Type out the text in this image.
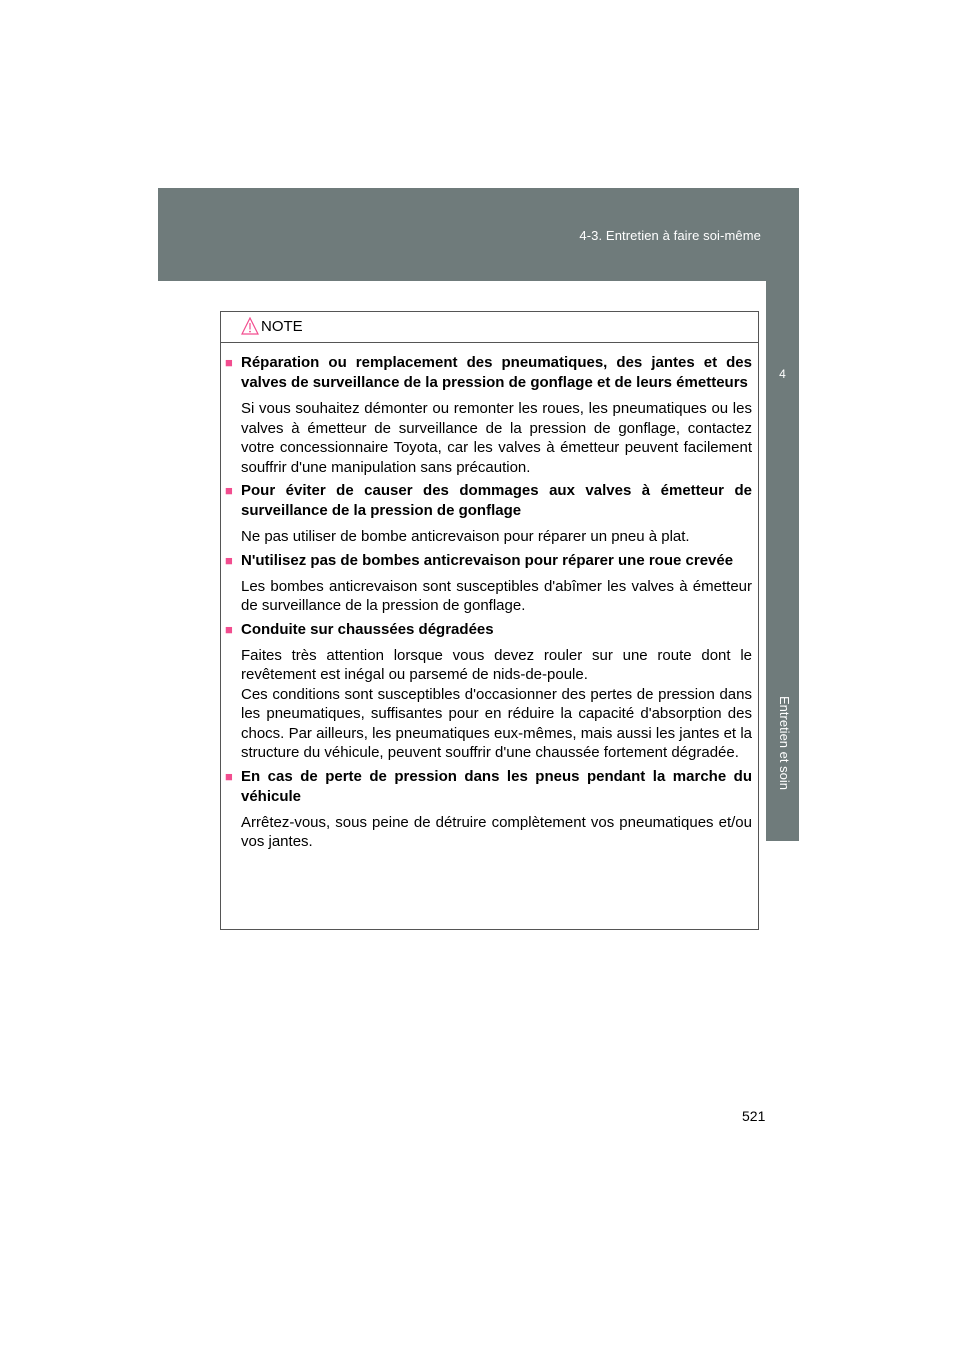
4-3. Entretien à faire soi-même
4
Entretien et soin
NOTE
■ Réparation ou remplacement des pneumatiques, des jantes et des valves de surveillance de la pression de gonflage et de leurs émetteurs
Si vous souhaitez démonter ou remonter les roues, les pneumatiques ou les valves à émetteur de surveillance de la pression de gonflage, contactez votre concessionnaire Toyota, car les valves à émetteur peuvent facilement souffrir d'une manipulation sans précaution.
■ Pour éviter de causer des dommages aux valves à émetteur de surveillance de la pression de gonflage
Ne pas utiliser de bombe anticrevaison pour réparer un pneu à plat.
■ N'utilisez pas de bombes anticrevaison pour réparer une roue crevée
Les bombes anticrevaison sont susceptibles d'abîmer les valves à émetteur de surveillance de la pression de gonflage.
■ Conduite sur chaussées dégradées
Faites très attention lorsque vous devez rouler sur une route dont le revêtement est inégal ou parsemé de nids-de-poule.
Ces conditions sont susceptibles d'occasionner des pertes de pression dans les pneumatiques, suffisantes pour en réduire la capacité d'absorption des chocs. Par ailleurs, les pneumatiques eux-mêmes, mais aussi les jantes et la structure du véhicule, peuvent souffrir d'une chaussée fortement dégradée.
■ En cas de perte de pression dans les pneus pendant la marche du véhicule
Arrêtez-vous, sous peine de détruire complètement vos pneumatiques et/ou vos jantes.
521
